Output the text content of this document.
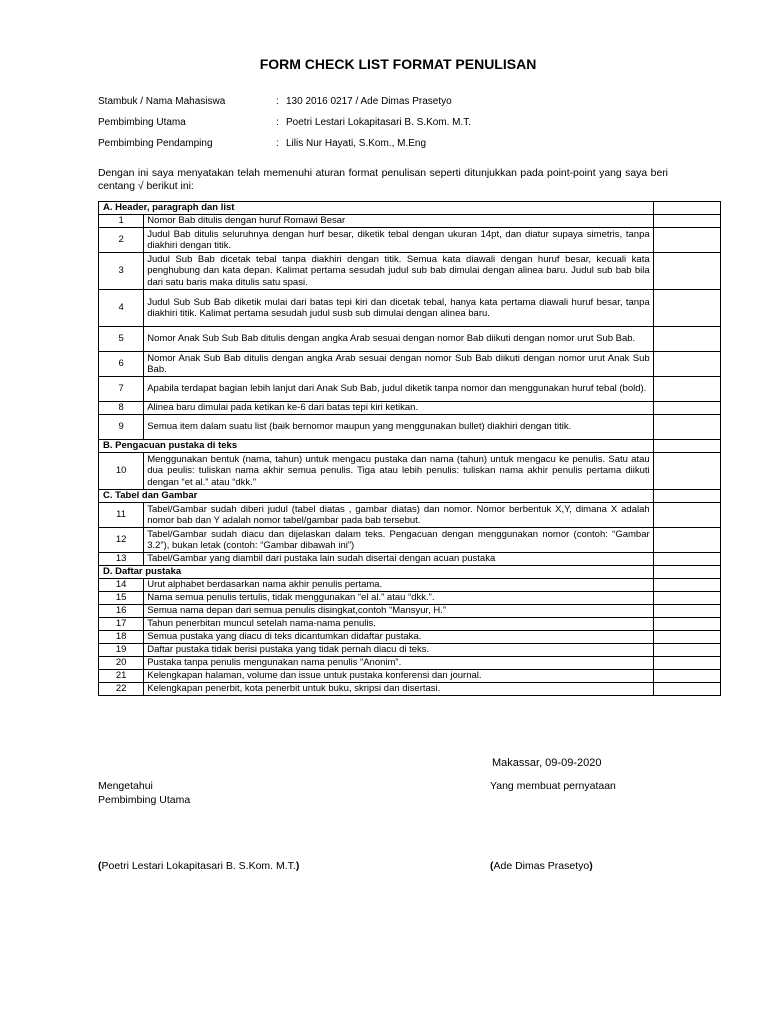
FORM CHECK LIST FORMAT PENULISAN
Stambuk / Nama Mahasiswa	: 130 2016 0217 / Ade Dimas Prasetyo
Pembimbing Utama	: Poetri Lestari Lokapitasari B. S.Kom. M.T.
Pembimbing Pendamping	: Lilis Nur Hayati, S.Kom., M.Eng
Dengan ini saya menyatakan telah memenuhi aturan format penulisan seperti ditunjukkan pada point-point yang saya beri centang √ berikut ini:
A. Header, paragraph dan list		
1	Nomor Bab ditulis dengan huruf Romawi Besar	
2	Judul Bab ditulis seluruhnya dengan hurf besar, diketik tebal dengan ukuran 14pt, dan diatur supaya simetris, tanpa diakhiri dengan titik.	
3	Judul Sub Bab dicetak tebal tanpa diakhiri dengan titik. Semua kata diawali dengan huruf besar, kecuali kata penghubung dan kata depan. Kalimat pertama sesudah judul sub bab dimulai dengan alinea baru. Judul sub bab bila dari satu baris maka ditulis satu spasi.	
4	Judul Sub Sub Bab diketik mulai dari batas tepi kiri dan dicetak tebal, hanya kata pertama diawali huruf besar, tanpa diakhiri titik. Kalimat pertama sesudah judul susb sub dimulai dengan alinea baru.	
5	Nomor Anak Sub Sub Bab ditulis dengan angka Arab sesuai dengan nomor Bab diikuti dengan nomor urut Sub Bab.	
6	Nomor Anak Sub Bab ditulis dengan angka Arab sesuai dengan nomor Sub Bab diikuti dengan nomor urut Anak Sub Bab.	
7	Apabila terdapat bagian lebih lanjut dari Anak Sub Bab, judul diketik tanpa nomor dan menggunakan huruf tebal (bold).	
8	Alinea baru dimulai pada ketikan ke-6 dari batas tepi kiri ketikan.	
9	Semua item dalam suatu list (baik bernomor maupun yang menggunakan bullet) diakhiri dengan titik.	
B. Pengacuan pustaka di teks		
10	Menggunakan bentuk (nama, tahun) untuk mengacu pustaka dan nama (tahun) untuk mengacu ke penulis. Satu atau dua peulis: tuliskan nama akhir semua penulis. Tiga atau lebih penulis: tuliskan nama akhir penulis pertama diikuti dengan “et al.” atau “dkk.”	
C. Tabel dan Gambar		
11	Tabel/Gambar sudah diberi judul (tabel diatas , gambar diatas) dan nomor. Nomor berbentuk X,Y, dimana X adalah nomor bab dan Y adalah nomor tabel/gambar pada bab tersebut.	
12	Tabel/Gambar sudah diacu dan dijelaskan dalam teks. Pengacuan dengan menggunakan nomor (contoh: “Gambar 3.2”), bukan letak (contoh: “Gambar dibawah ini”)	
13	Tabel/Gambar yang diambil dari pustaka lain sudah disertai dengan acuan pustaka	
D. Daftar pustaka		
14	Urut alphabet berdasarkan nama akhir penulis pertama.	
15	Nama semua penulis tertulis, tidak menggunakan “el al.” atau “dkk.”.	
16	Semua nama depan dari semua penulis disingkat,contoh “Mansyur, H.”	
17	Tahun penerbitan muncul setelah nama-nama penulis.	
18	Semua pustaka yang diacu di teks dicantumkan didaftar pustaka.	
19	Daftar pustaka tidak berisi pustaka yang tidak pernah diacu di teks.	
20	Pustaka tanpa penulis mengunakan nama penulis “Anonim”.	
21	Kelengkapan halaman, volume dan issue untuk pustaka konferensi dan journal.	
22	Kelengkapan penerbit, kota penerbit untuk buku, skripsi dan disertasi.	
Makassar, 09-09-2020
Mengetahui
Pembimbing Utama
Yang membuat pernyataan
(Poetri Lestari Lokapitasari B. S.Kom. M.T.)	(Ade Dimas Prasetyo)
